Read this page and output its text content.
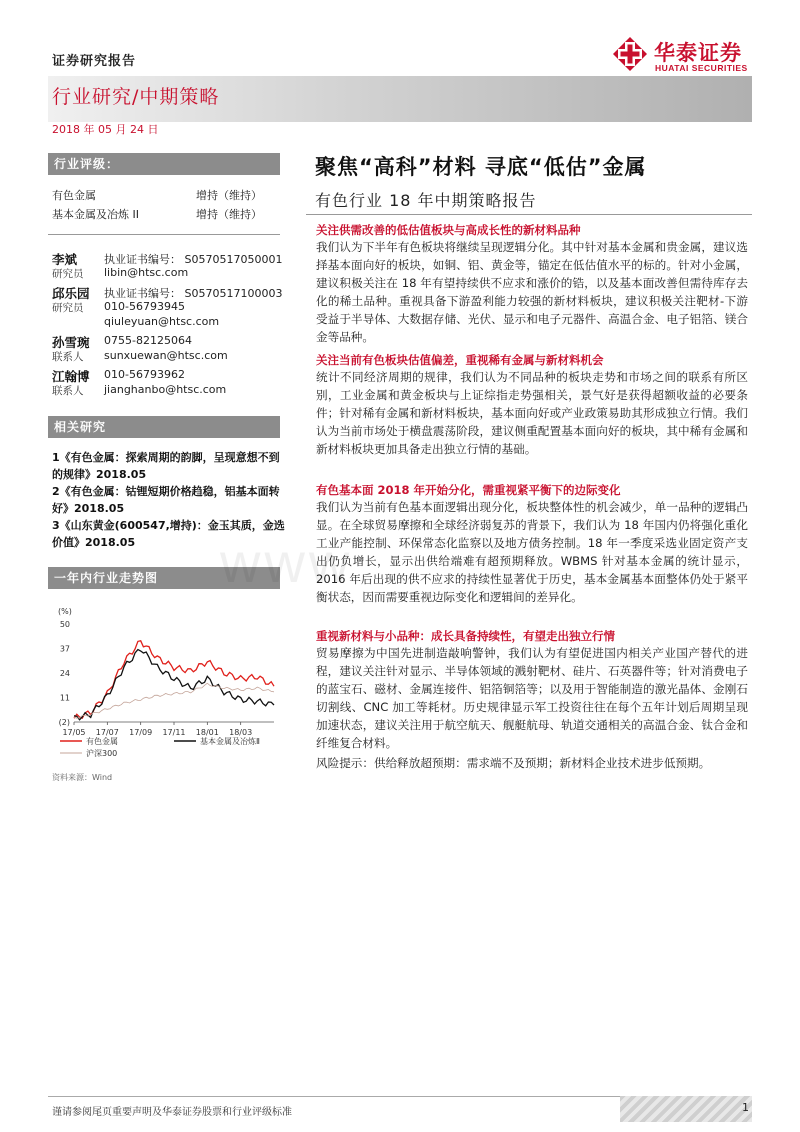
证券研究报告	华泰证券
HUATAI SECURITIES
行业研究/中期策略
2018 年 05 月 24 日
行业评级：
有色金属	增持（维持）
基本金属及冶炼 II	增持（维持）
李斌
研究员
执业证书编号： S0570517050001
libin@htsc.com
邱乐园
研究员
执业证书编号： S0570517100003
010-56793945
qiuleyuan@htsc.com
孙雪琬
联系人
0755-82125064
sunxuewan@htsc.com
江翰博
联系人
010-56793962
jianghanbo@htsc.com
相关研究
1《有色金属：探索周期的韵脚，呈现意想不到的规律》2018.05
2《有色金属：钴锂短期价格趋稳，铝基本面转好》2018.05
3《山东黄金(600547,增持)：金玉其质，金选价值》2018.05
一年内行业走势图
(%)
50
37
24
11
(2)
17/05 17/07 17/09 17/11 18/01 18/03
有色金属	基本金属及冶炼Ⅱ
沪深300
资料来源：Wind
聚焦“高科”材料 寻底“低估”金属
有色行业 18 年中期策略报告
关注供需改善的低估值板块与高成长性的新材料品种
我们认为下半年有色板块将继续呈现逻辑分化。其中针对基本金属和贵金属，建议选择基本面向好的板块，如铜、铝、黄金等，锚定在低估值水平的标的。针对小金属，建议积极关注在 18 年有望持续供不应求和涨价的锆，以及基本面改善但需待库存去化的稀土品种。重视具备下游盈利能力较强的新材料板块，建议积极关注靶材-下游受益于半导体、大数据存储、光伏、显示和电子元器件、高温合金、电子铝箔、镁合金等品种。
关注当前有色板块估值偏差，重视稀有金属与新材料机会
统计不同经济周期的规律，我们认为不同品种的板块走势和市场之间的联系有所区别，工业金属和黄金板块与上证综指走势强相关，景气好是获得超额收益的必要条件；针对稀有金属和新材料板块，基本面向好或产业政策易助其形成独立行情。我们认为当前市场处于横盘震荡阶段，建议侧重配置基本面向好的板块，其中稀有金属和新材料板块更加具备走出独立行情的基础。
有色基本面 2018 年开始分化，需重视紧平衡下的边际变化
我们认为当前有色基本面逻辑出现分化，板块整体性的机会减少，单一品种的逻辑凸显。在全球贸易摩擦和全球经济弱复苏的背景下，我们认为 18 年国内仍将强化重化工业产能控制、环保常态化监察以及地方债务控制。18 年一季度采选业固定资产支出仍负增长，显示出供给端难有超预期释放。WBMS 针对基本金属的统计显示，2016 年后出现的供不应求的持续性显著优于历史，基本金属基本面整体仍处于紧平衡状态，因而需要重视边际变化和逻辑间的差异化。
重视新材料与小品种：成长具备持续性，有望走出独立行情
贸易摩擦为中国先进制造敲响警钟，我们认为有望促进国内相关产业国产替代的进程，建议关注针对显示、半导体领域的溅射靶材、硅片、石英器件等；针对消费电子的蓝宝石、磁材、金属连接件、铝箔铜箔等；以及用于智能制造的激光晶体、金刚石切割线、CNC 加工等耗材。历史规律显示军工投资往往在每个五年计划后周期呈现加速状态，建议关注用于航空航天、舰艇航母、轨道交通相关的高温合金、钛合金和纤维复合材料。
风险提示：供给释放超预期：需求端不及预期；新材料企业技术进步低预期。
www
谨请参阅尾页重要声明及华泰证券股票和行业评级标准	1
